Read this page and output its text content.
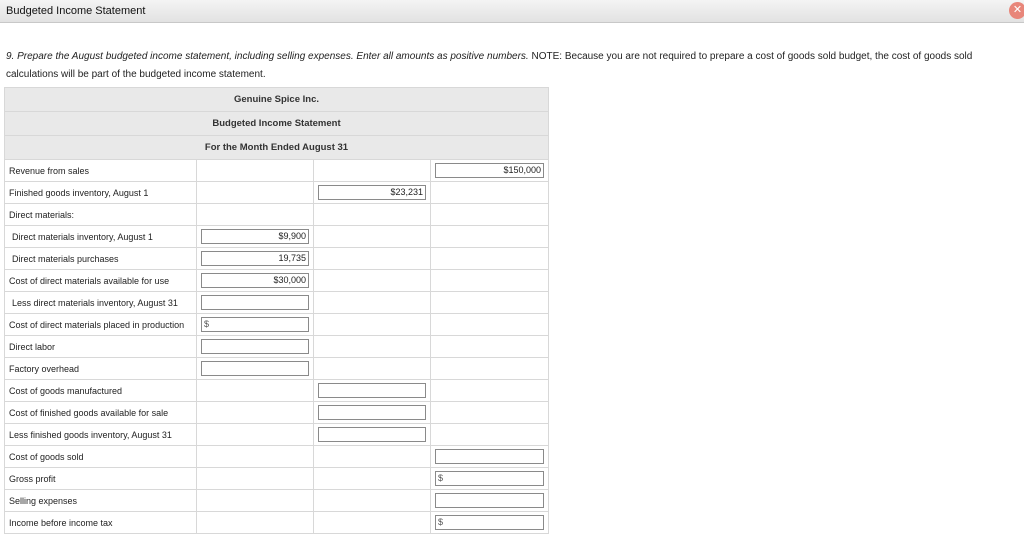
Budgeted Income Statement	✕
9. Prepare the August budgeted income statement, including selling expenses. Enter all amounts as positive numbers. NOTE: Because you are not required to prepare a cost of goods sold budget, the cost of goods sold calculations will be part of the budgeted income statement.
Genuine Spice Inc.			
Budgeted Income Statement			
For the Month Ended August 31			
Revenue from sales			$150,000

Finished goods inventory, August 1		$23,231	

Direct materials:			
Direct materials inventory, August 1	$9,900		

Direct materials purchases	19,735		

Cost of direct materials available for use	$30,000		

Less direct materials inventory, August 31	

Cost of direct materials placed in production	$		

Direct labor	

Factory overhead	

Cost of goods manufactured		

Cost of finished goods available for sale		

Less finished goods inventory, August 31		

Cost of goods sold			

Gross profit			$

Selling expenses			

Income before income tax			$
